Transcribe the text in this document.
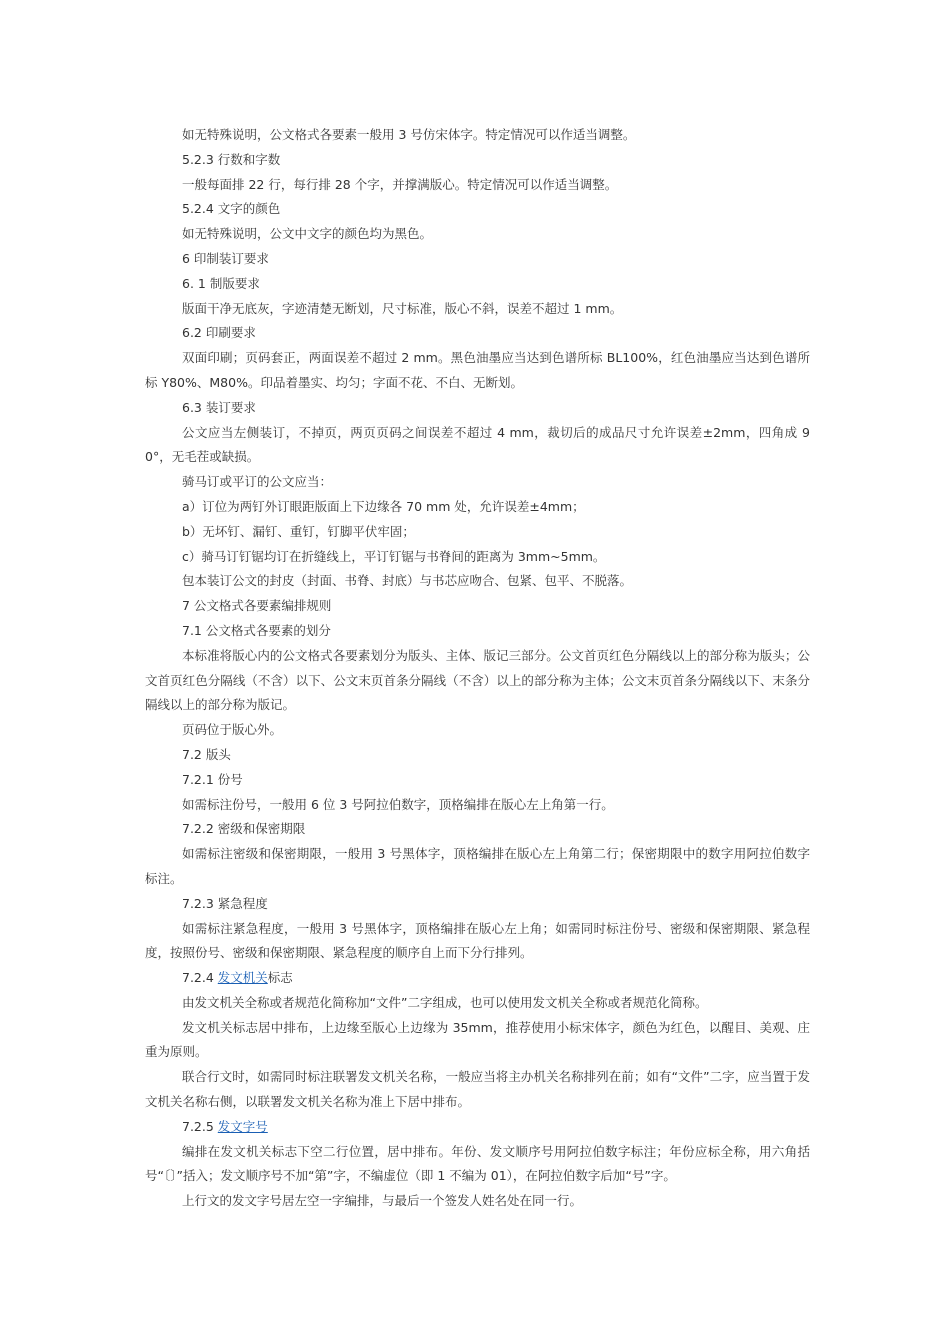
如无特殊说明，公文格式各要素一般用 3 号仿宋体字。特定情况可以作适当调整。

5.2.3 行数和字数

一般每面排 22 行，每行排 28 个字，并撑满版心。特定情况可以作适当调整。

5.2.4 文字的颜色

如无特殊说明，公文中文字的颜色均为黑色。

6 印制装订要求

6. 1 制版要求

版面干净无底灰，字迹清楚无断划，尺寸标准，版心不斜，误差不超过 1 mm。

6.2 印刷要求

双面印刷；页码套正，两面误差不超过 2 mm。黑色油墨应当达到色谱所标 BL100%，红色油墨应当达到色谱所标 Y80%、M80%。印品着墨实、均匀；字面不花、不白、无断划。

6.3 装订要求

公文应当左侧装订，不掉页，两页页码之间误差不超过 4 mm，裁切后的成品尺寸允许误差±2mm，四角成 90°，无毛茬或缺损。

骑马订或平订的公文应当：

a）订位为两钉外订眼距版面上下边缘各 70 mm 处，允许误差±4mm；

b）无坏钉、漏钉、重钉，钉脚平伏牢固；

c）骑马订钉锯均订在折缝线上，平订钉锯与书脊间的距离为 3mm~5mm。

包本装订公文的封皮（封面、书脊、封底）与书芯应吻合、包紧、包平、不脱落。

7 公文格式各要素编排规则

7.1 公文格式各要素的划分

本标准将版心内的公文格式各要素划分为版头、主体、版记三部分。公文首页红色分隔线以上的部分称为版头；公文首页红色分隔线（不含）以下、公文末页首条分隔线（不含）以上的部分称为主体；公文末页首条分隔线以下、末条分隔线以上的部分称为版记。

页码位于版心外。

7.2 版头

7.2.1 份号

如需标注份号，一般用 6 位 3 号阿拉伯数字，顶格编排在版心左上角第一行。

7.2.2 密级和保密期限

如需标注密级和保密期限，一般用 3 号黑体字，顶格编排在版心左上角第二行；保密期限中的数字用阿拉伯数字标注。

7.2.3 紧急程度

如需标注紧急程度，一般用 3 号黑体字，顶格编排在版心左上角；如需同时标注份号、密级和保密期限、紧急程度，按照份号、密级和保密期限、紧急程度的顺序自上而下分行排列。

7.2.4 发文机关标志

由发文机关全称或者规范化简称加“文件”二字组成，也可以使用发文机关全称或者规范化简称。

发文机关标志居中排布，上边缘至版心上边缘为 35mm，推荐使用小标宋体字，颜色为红色，以醒目、美观、庄重为原则。

联合行文时，如需同时标注联署发文机关名称，一般应当将主办机关名称排列在前；如有“文件”二字，应当置于发文机关名称右侧，以联署发文机关名称为准上下居中排布。

7.2.5 发文字号

编排在发文机关标志下空二行位置，居中排布。年份、发文顺序号用阿拉伯数字标注；年份应标全称，用六角括号“〔〕”括入；发文顺序号不加“第”字，不编虚位（即 1 不编为 01），在阿拉伯数字后加“号”字。

上行文的发文字号居左空一字编排，与最后一个签发人姓名处在同一行。
